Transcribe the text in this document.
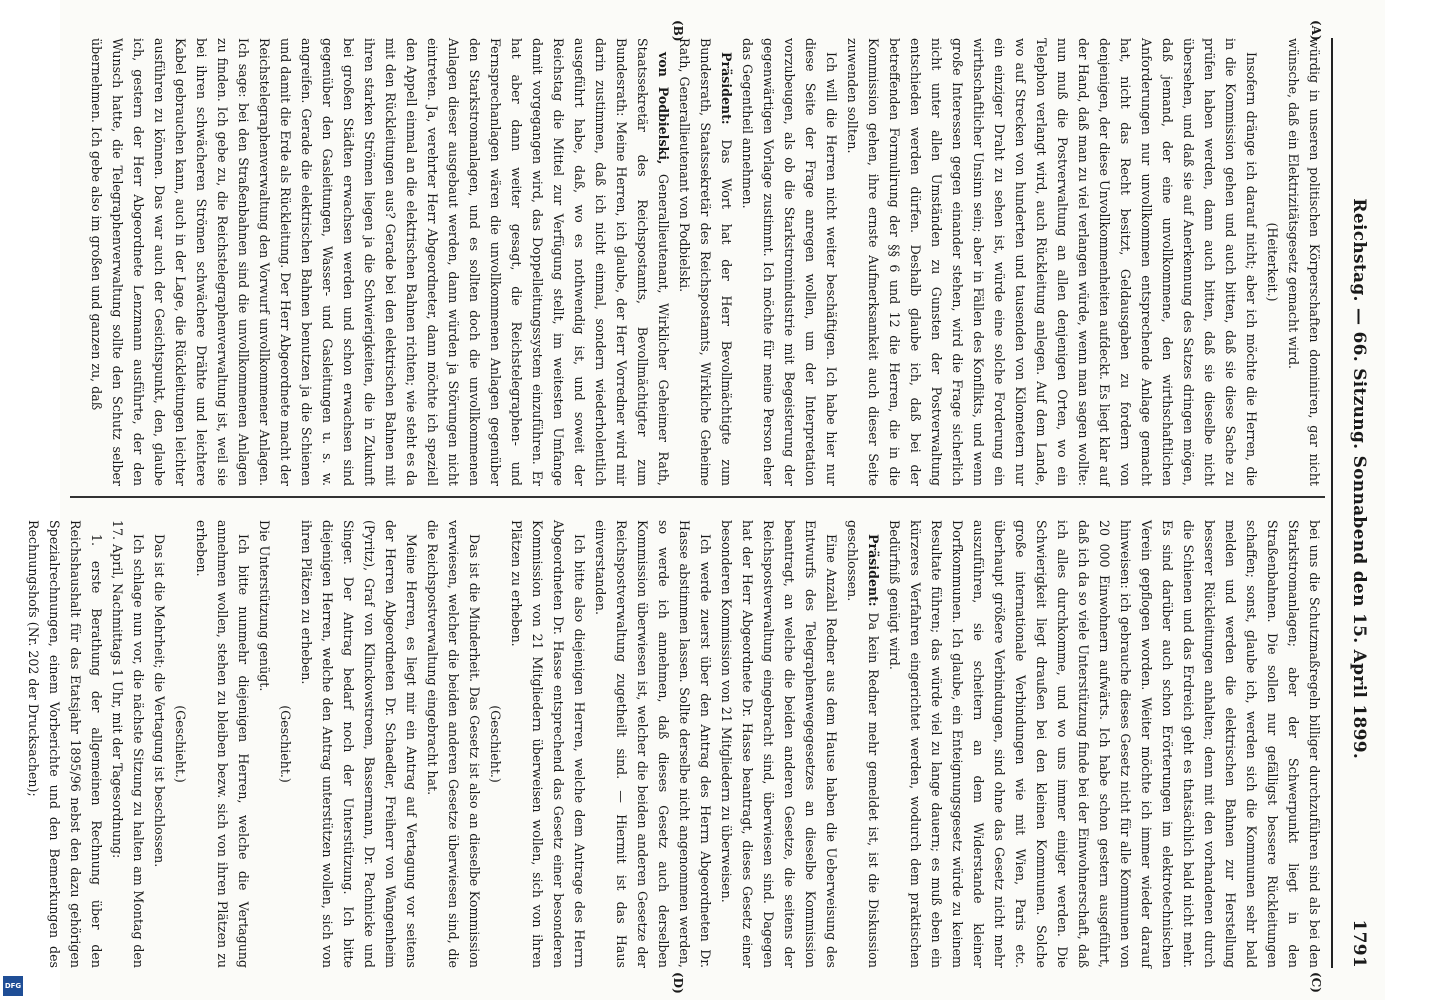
Reichstag. — 66. Sitzung. Sonnabend den 15. April 1899.
1791
(A)
(B)
(C)
(D)

würdig in unseren politischen Körperschaften dominiren, gar nicht wünsche, daß ein Elektrizitätsgesetz gemacht wird.

(Heiterkeit.)

Insofern dränge ich darauf nicht; aber ich möchte die Herren, die in die Kommission gehen und auch bitten, daß sie diese Sache zu prüfen haben werden, dann auch bitten, daß sie dieselbe nicht übersehen, und daß sie auf Anerkennung des Satzes dringen mögen, daß jemand, der eine unvollkommene, den wirthschaftlichen Anforderungen nur unvollkommen entsprechende Anlage gemacht hat, nicht das Recht besitzt, Geldausgaben zu fordern von denjenigen, der diese Unvollkommenheiten aufdeckt. Es liegt klar auf der Hand, daß man zu viel verlangen würde, wenn man sagen wollte: nun muß die Postverwaltung an allen denjenigen Orten, wo ein Telephon verlangt wird, auch Rückleitung anlegen. Auf dem Lande, wo auf Strecken von hunderten und tausenden von Kilometern nur ein einziger Draht zu sehen ist, würde eine solche Forderung ein wirthschaftlicher Unsinn sein; aber in Fällen des Konflikts, und wenn große Interessen gegen einander stehen, wird die Frage sicherlich nicht unter allen Umständen zu Gunsten der Postverwaltung entschieden werden dürfen. Deshalb glaube ich, daß bei der betreffenden Formulirung der §§ 6 und 12 die Herren, die in die Kommission gehen, ihre ernste Aufmerksamkeit auch dieser Seite zuwenden sollten.

Ich will die Herren nicht weiter beschäftigen. Ich habe hier nur diese Seite der Frage anregen wollen, um der Interpretation vorzubeugen, als ob die Starkstromindustrie mit Begeisterung der gegenwärtigen Vorlage zustimmt. Ich möchte für meine Person eher das Gegentheil annehmen.

Präsident: Das Wort hat der Herr Bevollmächtigte zum Bundesrath, Staatssekretär des Reichspostamts, Wirkliche Geheime Rath, Generallieutenant von Podbielski.

von Podbielski, Generallieutenant, Wirklicher Geheimer Rath, Staatssekretär des Reichspostamts, Bevollmächtigter zum Bundesrath: Meine Herren, ich glaube, der Herr Vorredner wird mir darin zustimmen, daß ich nicht einmal, sondern wiederholentlich ausgeführt habe, daß, wo es nothwendig ist, und soweit der Reichstag die Mittel zur Verfügung stellt, im weitesten Umfange damit vorgegangen wird, das Doppelleitungssystem einzuführen. Er hat aber dann weiter gesagt, die Reichstelegraphen- und Fernsprechanlagen wären die unvollkommenen Anlagen gegenüber den Starkstromanlagen, und es sollten doch die unvollkommenen Anlagen dieser ausgebaut werden, dann würden ja Störungen nicht eintreten. Ja, verehrter Herr Abgeordneter, dann möchte ich speziell den Appell einmal an die elektrischen Bahnen richten; wie steht es da mit den Rückleitungen aus? Gerade bei den elektrischen Bahnen mit ihren starken Strömen liegen ja die Schwierigkeiten, die in Zukunft bei großen Städten erwachsen werden und schon erwachsen sind gegenüber den Gasleitungen, Wasser- und Gasleitungen u. s. w. angreifen. Gerade die elektrischen Bahnen benutzen ja die Schienen und damit die Erde als Rückleitung. Der Herr Abgeordnete macht der Reichstelegraphenverwaltung den Vorwurf unvollkommener Anlagen. Ich sage: bei den Straßenbahnen sind die unvollkommenen Anlagen zu finden. Ich gebe zu, die Reichstelegraphenverwaltung ist, weil sie bei ihren schwächeren Strömen schwächere Drähte und leichtere Kabel gebrauchen kann, auch in der Lage, die Rückleitungen leichter ausführen zu können. Das war auch der Gesichtspunkt, den, glaube ich, gestern der Herr Abgeordnete Lenzmann ausführte, der den Wunsch hatte, die Telegraphenverwaltung sollte den Schutz selber übernehmen. Ich gebe also im großen und ganzen zu, daß

bei uns die Schutzmaßregeln billiger durchzuführen sind als bei den Starkstromanlagen; aber der Schwerpunkt liegt in den Straßenbahnen. Die sollen nur gefälligst bessere Rückleitungen schaffen; sonst, glaube ich, werden sich die Kommunen sehr bald melden und werden die elektrischen Bahnen zur Herstellung besserer Rückleitungen anhalten; denn mit den vorhandenen durch die Schienen und das Erdreich geht es thatsächlich bald nicht mehr. Es sind darüber auch schon Erörterungen im elektrotechnischen Verein gepflogen worden. Weiter möchte ich immer wieder darauf hinweisen: ich gebrauche dieses Gesetz nicht für alle Kommunen von 20 000 Einwohnern aufwärts. Ich habe schon gestern ausgeführt, daß ich da so viele Unterstützung finde bei der Einwohnerschaft, daß ich alles durchkomme, und wo uns immer einiger werden. Die Schwierigkeit liegt draußen bei den kleinen Kommunen. Solche große internationale Verbindungen wie mit Wien, Paris etc. überhaupt größere Verbindungen, sind ohne das Gesetz nicht mehr auszuführen, sie scheitern an dem Widerstande kleiner Dorfkommunen. Ich glaube, ein Enteignungsgesetz würde zu keinem Resultate führen; das würde viel zu lange dauern; es muß eben ein kürzeres Verfahren eingerichtet werden, wodurch dem praktischen Bedürfniß genügt wird.

Präsident: Da kein Redner mehr gemeldet ist, ist die Diskussion geschlossen.

Eine Anzahl Redner aus dem Hause haben die Ueberweisung des Entwurfs des Telegraphenwegegesetzes an dieselbe Kommission beantragt, an welche die beiden anderen Gesetze, die seitens der Reichspostverwaltung eingebracht sind, überwiesen sind. Dagegen hat der Herr Abgeordnete Dr. Hasse beantragt, dieses Gesetz einer besonderen Kommission von 21 Mitgliedern zu überweisen.

Ich werde zuerst über den Antrag des Herrn Abgeordneten Dr. Hasse abstimmen lassen. Sollte derselbe nicht angenommen werden, so werde ich annehmen, daß dieses Gesetz auch derselben Kommission überwiesen ist, welcher die beiden anderen Gesetze der Reichspostverwaltung zugetheilt sind. — Hiermit ist das Haus einverstanden.

Ich bitte also diejenigen Herren, welche dem Antrage des Herrn Abgeordneten Dr. Hasse entsprechend das Gesetz einer besonderen Kommission von 21 Mitgliedern überweisen wollen, sich von ihren Plätzen zu erheben.

(Geschieht.)

Das ist die Minderheit. Das Gesetz ist also an dieselbe Kommission verwiesen, welcher die beiden anderen Gesetze überwiesen sind, die die Reichspostverwaltung eingebracht hat.

Meine Herren, es liegt mir ein Antrag auf Vertagung vor seitens der Herren Abgeordneten Dr. Schaedler, Freiherr von Wangenheim (Pyritz), Graf von Klinckowstroem, Bassermann, Dr. Pachnicke und Singer. Der Antrag bedarf noch der Unterstützung. Ich bitte diejenigen Herren, welche den Antrag unterstützen wollen, sich von ihren Plätzen zu erheben.

(Geschieht.)

Die Unterstützung genügt.

Ich bitte nunmehr diejenigen Herren, welche die Vertagung annehmen wollen, stehen zu bleiben bezw. sich von ihren Plätzen zu erheben.

(Geschieht.)

Das ist die Mehrheit; die Vertagung ist beschlossen.

Ich schlage nun vor, die nächste Sitzung zu halten am Montag den 17. April, Nachmittags 1 Uhr, mit der Tagesordnung:

1. erste Berathung der allgemeinen Rechnung über den Reichshaushalt für das Etatsjahr 1895/96 nebst den dazu gehörigen Spezialrechnungen, einem Vorberichte und den Bemerkungen des Rechnungshofs (Nr. 202 der Drucksachen);

DFG
